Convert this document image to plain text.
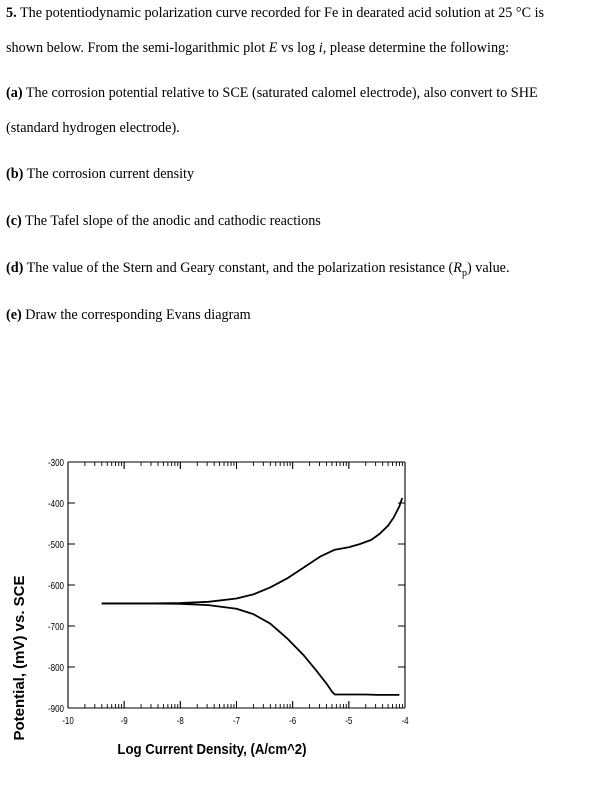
5. The potentiodynamic polarization curve recorded for Fe in dearated acid solution at 25 °C is
shown below. From the semi-logarithmic plot E vs log i, please determine the following:
(a) The corrosion potential relative to SCE (saturated calomel electrode), also convert to SHE
(standard hydrogen electrode).
(b) The corrosion current density
(c) The Tafel slope of the anodic and cathodic reactions
(d) The value of the Stern and Geary constant, and the polarization resistance $(R_p)$ value.
(e) Draw the corresponding Evans diagram
-300
-400
-500
-600
-700
-800
-900
-10	-9	-8	-7	-6	-5	-4
Potential, (mV) vs. SCE
Log Current Density, (A/cm^2)
